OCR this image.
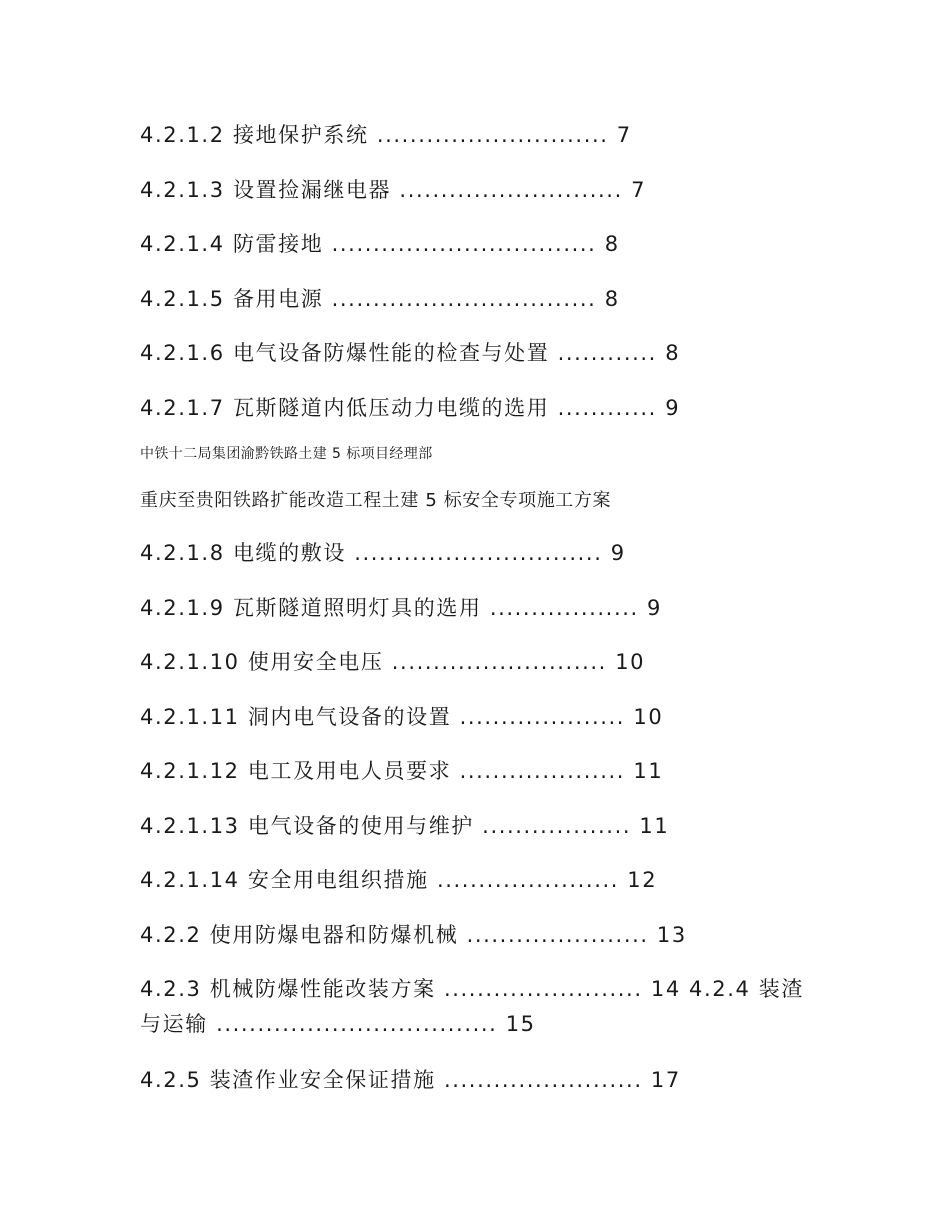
4.2.1.2 接地保护系统 ............................ 7
4.2.1.3 设置捡漏继电器 ........................... 7
4.2.1.4 防雷接地 ................................ 8
4.2.1.5 备用电源 ................................ 8
4.2.1.6 电气设备防爆性能的检查与处置 ............ 8
4.2.1.7 瓦斯隧道内低压动力电缆的选用 ............ 9
中铁十二局集团渝黔铁路土建 5 标项目经理部
重庆至贵阳铁路扩能改造工程土建 5 标安全专项施工方案
4.2.1.8 电缆的敷设 .............................. 9
4.2.1.9 瓦斯隧道照明灯具的选用 .................. 9
4.2.1.10 使用安全电压 .......................... 10
4.2.1.11 洞内电气设备的设置 .................... 10
4.2.1.12 电工及用电人员要求 .................... 11
4.2.1.13 电气设备的使用与维护 .................. 11
4.2.1.14 安全用电组织措施 ...................... 12
4.2.2 使用防爆电器和防爆机械 ...................... 13
4.2.3 机械防爆性能改装方案 ........................ 14 4.2.4 装渣与运输 .................................. 15
4.2.5 装渣作业安全保证措施 ........................ 17
